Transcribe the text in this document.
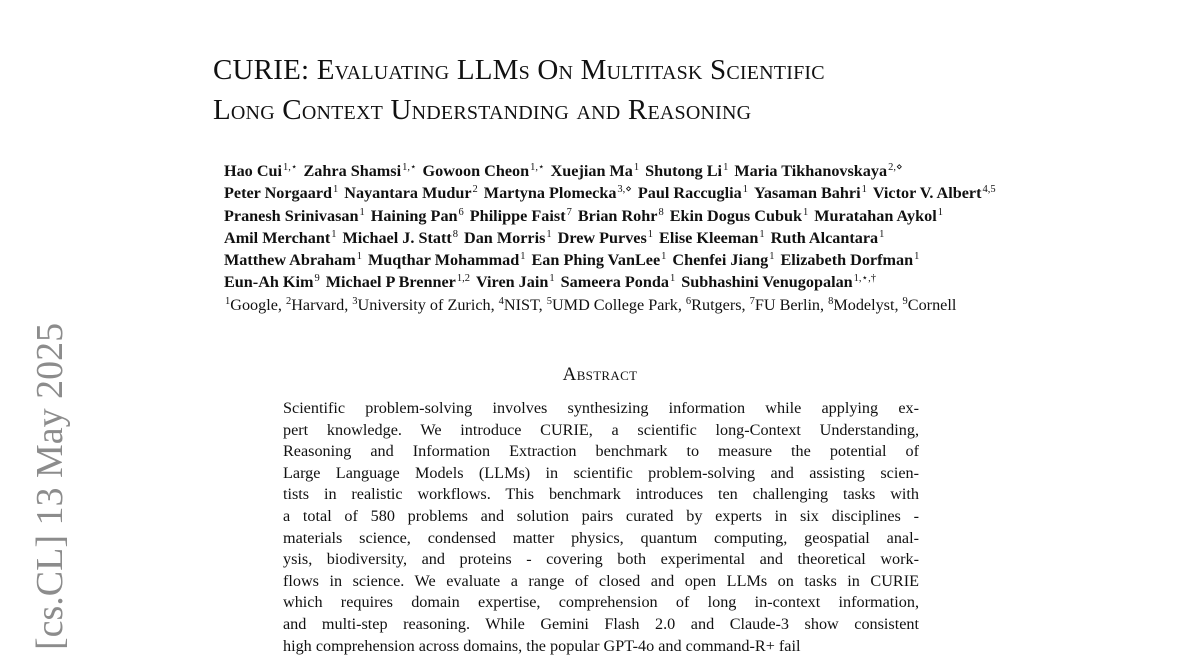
[cs.CL] 13 May 2025
CURIE: Evaluating LLMs On Multitask Scientific
Long Context Understanding and Reasoning
Hao Cui$^{1,⋆}$ Zahra Shamsi$^{1,⋆}$ Gowoon Cheon$^{1,⋆}$ Xuejian Ma$^1$ Shutong Li$^1$ Maria Tikhanovskaya$^{2,⋄}$
Peter Norgaard$^1$ Nayantara Mudur$^2$ Martyna Plomecka$^{3,⋄}$ Paul Raccuglia$^1$ Yasaman Bahri$^1$ Victor V. Albert$^{4,5}$
Pranesh Srinivasan$^1$ Haining Pan$^6$ Philippe Faist$^7$ Brian Rohr$^8$ Ekin Dogus Cubuk$^1$ Muratahan Aykol$^1$
Amil Merchant$^1$ Michael J. Statt$^8$ Dan Morris$^1$ Drew Purves$^1$ Elise Kleeman$^1$ Ruth Alcantara$^1$
Matthew Abraham$^1$ Muqthar Mohammad$^1$ Ean Phing VanLee$^1$ Chenfei Jiang$^1$ Elizabeth Dorfman$^1$
Eun-Ah Kim$^9$ Michael P Brenner$^{1,2}$ Viren Jain$^1$ Sameera Ponda$^1$ Subhashini Venugopalan$^{1,⋆,\dagger}$
$^1$Google, $^2$Harvard, $^3$University of Zurich, $^4$NIST, $^5$UMD College Park, $^6$Rutgers, $^7$FU Berlin, $^8$Modelyst, $^9$Cornell
Abstract
Scientific problem-solving involves synthesizing information while applying ex-
pert knowledge. We introduce CURIE, a scientific long-Context Understanding,
Reasoning and Information Extraction benchmark to measure the potential of
Large Language Models (LLMs) in scientific problem-solving and assisting scien-
tists in realistic workflows. This benchmark introduces ten challenging tasks with
a total of 580 problems and solution pairs curated by experts in six disciplines -
materials science, condensed matter physics, quantum computing, geospatial anal-
ysis, biodiversity, and proteins - covering both experimental and theoretical work-
flows in science. We evaluate a range of closed and open LLMs on tasks in CURIE
which requires domain expertise, comprehension of long in-context information,
and multi-step reasoning. While Gemini Flash 2.0 and Claude-3 show consistent
high comprehension across domains, the popular GPT-4o and command-R+ fail
